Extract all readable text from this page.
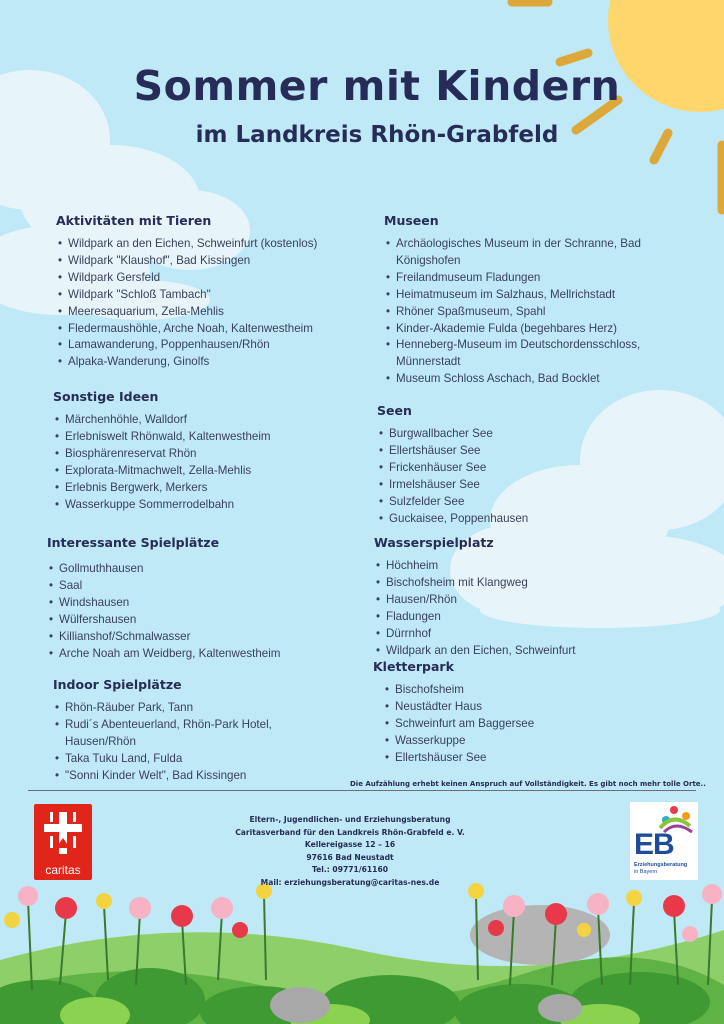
Sommer mit Kindern
im Landkreis Rhön-Grabfeld
Aktivitäten mit Tieren
• Wildpark an den Eichen, Schweinfurt (kostenlos)
• Wildpark "Klaushof", Bad Kissingen
• Wildpark Gersfeld
• Wildpark "Schloß Tambach"
• Meeresaquarium, Zella-Mehlis
• Fledermaushöhle, Arche Noah, Kaltenwestheim
• Lamawanderung, Poppenhausen/Rhön
• Alpaka-Wanderung, Ginolfs
Sonstige Ideen
• Märchenhöhle, Walldorf
• Erlebniswelt Rhönwald, Kaltenwestheim
• Biosphärenreservat Rhön
• Explorata-Mitmachwelt, Zella-Mehlis
• Erlebnis Bergwerk, Merkers
• Wasserkuppe Sommerrodelbahn
Interessante Spielplätze
• Gollmuthhausen
• Saal
• Windshausen
• Wülfershausen
• Killianshof/Schmalwasser
• Arche Noah am Weidberg, Kaltenwestheim
Indoor Spielplätze
• Rhön-Räuber Park, Tann
• Rudi´s Abenteuerland, Rhön-Park Hotel, Hausen/Rhön
• Taka Tuku Land, Fulda
• "Sonni Kinder Welt", Bad Kissingen
Museen
• Archäologisches Museum in der Schranne, Bad Königshofen
• Freilandmuseum Fladungen
• Heimatmuseum im Salzhaus, Mellrichstadt
• Rhöner Spaßmuseum, Spahl
• Kinder-Akademie Fulda (begehbares Herz)
• Henneberg-Museum im Deutschordensschloss, Münnerstadt
• Museum Schloss Aschach, Bad Bocklet
Seen
• Burgwallbacher See
• Ellertshäuser See
• Frickenhäuser See
• Irmelshäuser See
• Sulzfelder See
• Guckaisee, Poppenhausen
Wasserspielplatz
• Höchheim
• Bischofsheim mit Klangweg
• Hausen/Rhön
• Fladungen
• Dürrnhof
• Wildpark an den Eichen, Schweinfurt
Kletterpark
• Bischofsheim
• Neustädter Haus
• Schweinfurt am Baggersee
• Wasserkuppe
• Ellertshäuser See
Die Aufzählung erhebt keinen Anspruch auf Vollständigkeit. Es gibt noch mehr tolle Orte..
caritas
Eltern-, Jugendlichen- und Erziehungsberatung
Caritasverband für den Landkreis Rhön-Grabfeld e. V.
Kellereigasse 12 – 16
97616 Bad Neustadt
Tel.: 09771/61160
Mail: erziehungsberatung@caritas-nes.de
EB
Erziehungsberatung
in Bayern
